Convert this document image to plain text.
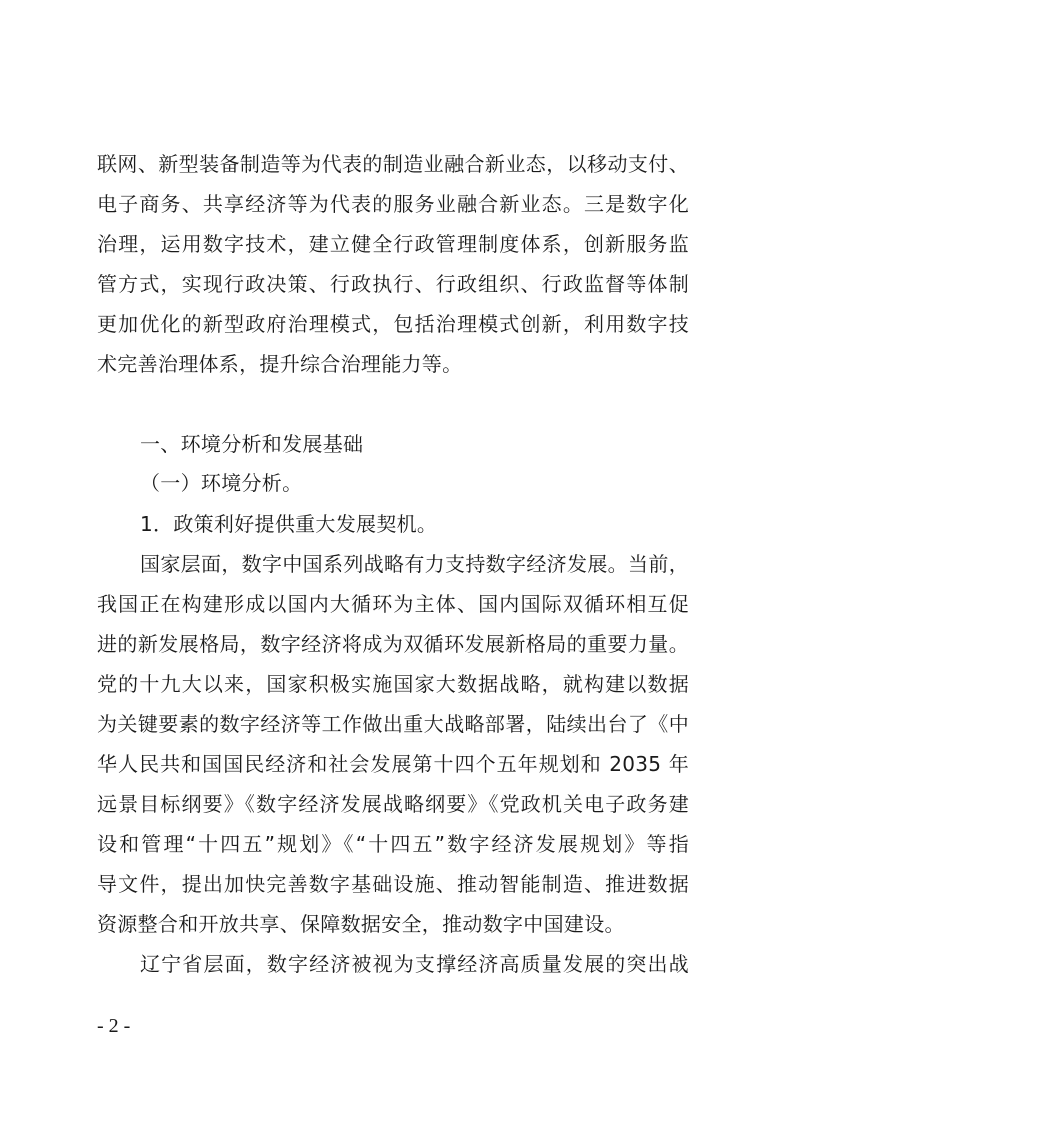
联网、新型装备制造等为代表的制造业融合新业态，以移动支付、
电子商务、共享经济等为代表的服务业融合新业态。三是数字化
治理，运用数字技术，建立健全行政管理制度体系，创新服务监
管方式，实现行政决策、行政执行、行政组织、行政监督等体制
更加优化的新型政府治理模式，包括治理模式创新，利用数字技
术完善治理体系，提升综合治理能力等。
一、环境分析和发展基础
（一）环境分析。
1．政策利好提供重大发展契机。
国家层面，数字中国系列战略有力支持数字经济发展。当前，
我国正在构建形成以国内大循环为主体、国内国际双循环相互促
进的新发展格局，数字经济将成为双循环发展新格局的重要力量。
党的十九大以来，国家积极实施国家大数据战略，就构建以数据
为关键要素的数字经济等工作做出重大战略部署，陆续出台了《中
华人民共和国国民经济和社会发展第十四个五年规划和 2035 年
远景目标纲要》《数字经济发展战略纲要》《党政机关电子政务建
设和管理“十四五”规划》《“十四五”数字经济发展规划》等指
导文件，提出加快完善数字基础设施、推动智能制造、推进数据
资源整合和开放共享、保障数据安全，推动数字中国建设。
辽宁省层面，数字经济被视为支撑经济高质量发展的突出战
- 2 -
